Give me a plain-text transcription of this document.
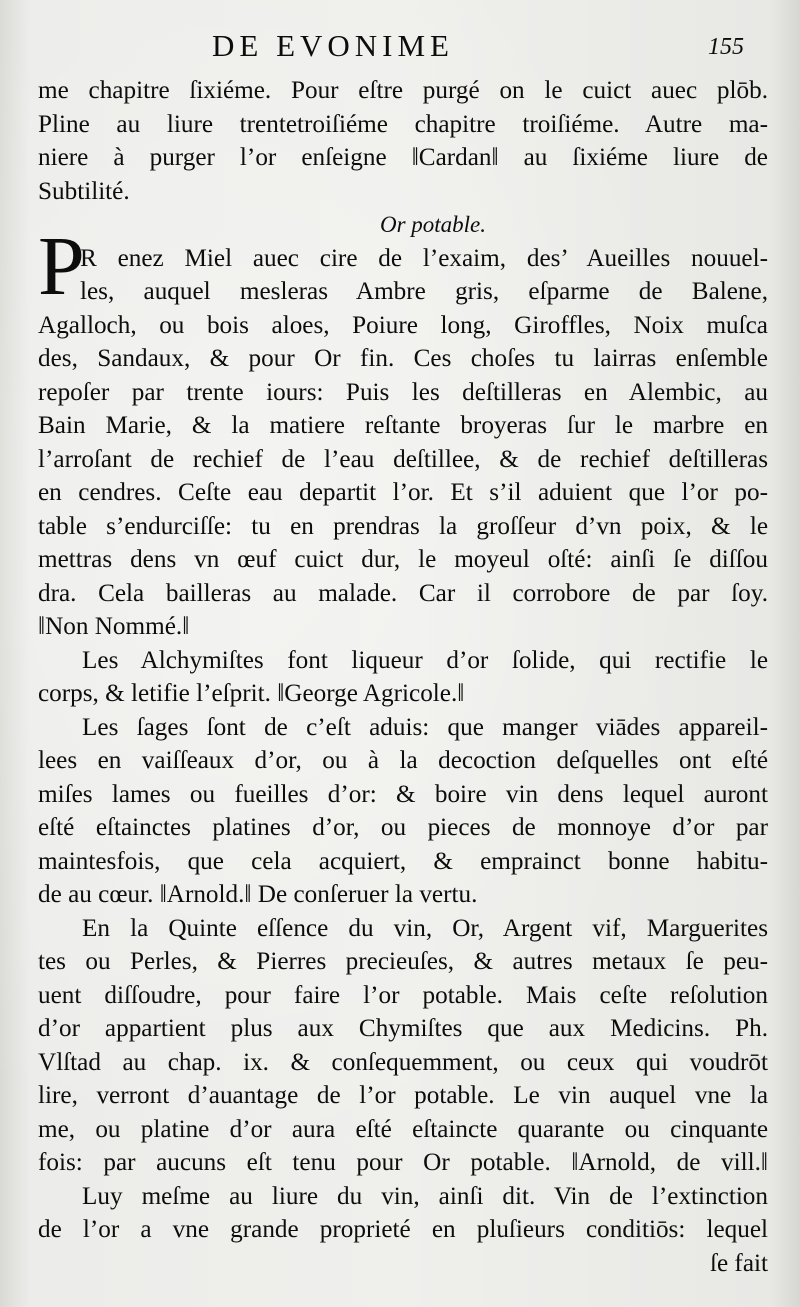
DE EVONIME	155
P
me chapitre ſixiéme. Pour eſtre purgé on le cuict auec plōb.
Pline au liure trentetroiſiéme chapitre troiſiéme. Autre ma-
niere à purger l’or enſeigne ‖Cardan‖ au ſixiéme liure de
Subtilité.
Or potable.
R enez Miel auec cire de l’exaim, des’ Aueilles nouuel-
les, auquel mesleras Ambre gris, eſparme de Balene,
Agalloch, ou bois aloes, Poiure long, Giroffles, Noix muſca
des, Sandaux, & pour Or fin. Ces choſes tu lairras enſemble
repoſer par trente iours: Puis les deſtilleras en Alembic, au
Bain Marie, & la matiere reſtante broyeras ſur le marbre en
l’arroſant de rechief de l’eau deſtillee, & de rechief deſtilleras
en cendres. Ceſte eau departit l’or. Et s’il aduient que l’or po-
table s’endurciſſe: tu en prendras la groſſeur d’vn poix, & le
mettras dens vn œuf cuict dur, le moyeul oſté: ainſi ſe diſſou
dra. Cela bailleras au malade. Car il corrobore de par ſoy.
‖Non Nommé.‖
Les Alchymiſtes font liqueur d’or ſolide, qui rectifie le
corps, & letifie l’eſprit. ‖George Agricole.‖
Les ſages ſont de c’eſt aduis: que manger viādes appareil-
lees en vaiſſeaux d’or, ou à la decoction deſquelles ont eſté
miſes lames ou fueilles d’or: & boire vin dens lequel auront
eſté eſtainctes platines d’or, ou pieces de monnoye d’or par
maintesfois, que cela acquiert, & emprainct bonne habitu-
de au cœur. ‖Arnold.‖ De conſeruer la vertu.
En la Quinte eſſence du vin, Or, Argent vif, Marguerites
tes ou Perles, & Pierres precieuſes, & autres metaux ſe peu-
uent diſſoudre, pour faire l’or potable. Mais ceſte reſolution
d’or appartient plus aux Chymiſtes que aux Medicins. Ph.
Vlſtad au chap. ix. & conſequemment, ou ceux qui voudrōt
lire, verront d’auantage de l’or potable. Le vin auquel vne la
me, ou platine d’or aura eſté eſtaincte quarante ou cinquante
fois: par aucuns eſt tenu pour Or potable. ‖Arnold, de vill.‖
Luy meſme au liure du vin, ainſi dit. Vin de l’extinction
de l’or a vne grande proprieté en pluſieurs conditiōs: lequel
ſe fait
